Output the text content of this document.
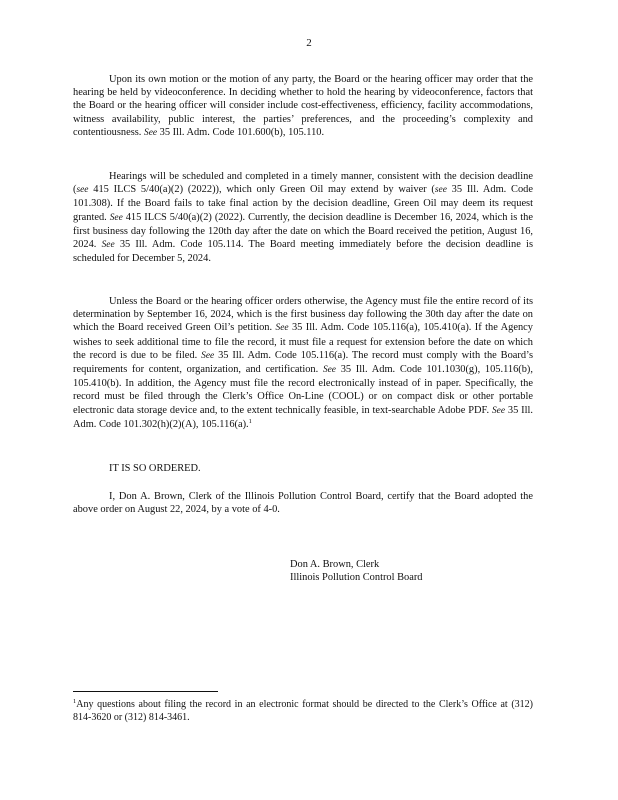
2

Upon its own motion or the motion of any party, the Board or the hearing officer may order that the hearing be held by videoconference. In deciding whether to hold the hearing by videoconference, factors that the Board or the hearing officer will consider include cost-effectiveness, efficiency, facility accommodations, witness availability, public interest, the parties’ preferences, and the proceeding’s complexity and contentiousness. See 35 Ill. Adm. Code 101.600(b), 105.110.

Hearings will be scheduled and completed in a timely manner, consistent with the decision deadline (see 415 ILCS 5/40(a)(2) (2022)), which only Green Oil may extend by waiver (see 35 Ill. Adm. Code 101.308). If the Board fails to take final action by the decision deadline, Green Oil may deem its request granted. See 415 ILCS 5/40(a)(2) (2022). Currently, the decision deadline is December 16, 2024, which is the first business day following the 120th day after the date on which the Board received the petition, August 16, 2024. See 35 Ill. Adm. Code 105.114. The Board meeting immediately before the decision deadline is scheduled for December 5, 2024.

Unless the Board or the hearing officer orders otherwise, the Agency must file the entire record of its determination by September 16, 2024, which is the first business day following the 30th day after the date on which the Board received Green Oil’s petition. See 35 Ill. Adm. Code 105.116(a), 105.410(a). If the Agency wishes to seek additional time to file the record, it must file a request for extension before the date on which the record is due to be filed. See 35 Ill. Adm. Code 105.116(a). The record must comply with the Board’s requirements for content, organization, and certification. See 35 Ill. Adm. Code 101.1030(g), 105.116(b), 105.410(b). In addition, the Agency must file the record electronically instead of in paper. Specifically, the record must be filed through the Clerk’s Office On-Line (COOL) or on compact disk or other portable electronic data storage device and, to the extent technically feasible, in text-searchable Adobe PDF. See 35 Ill. Adm. Code 101.302(h)(2)(A), 105.116(a).$^1$

IT IS SO ORDERED.

I, Don A. Brown, Clerk of the Illinois Pollution Control Board, certify that the Board adopted the above order on August 22, 2024, by a vote of 4-0.

Don A. Brown, Clerk
Illinois Pollution Control Board

$^1$Any questions about filing the record in an electronic format should be directed to the Clerk’s Office at (312) 814-3620 or (312) 814-3461.
